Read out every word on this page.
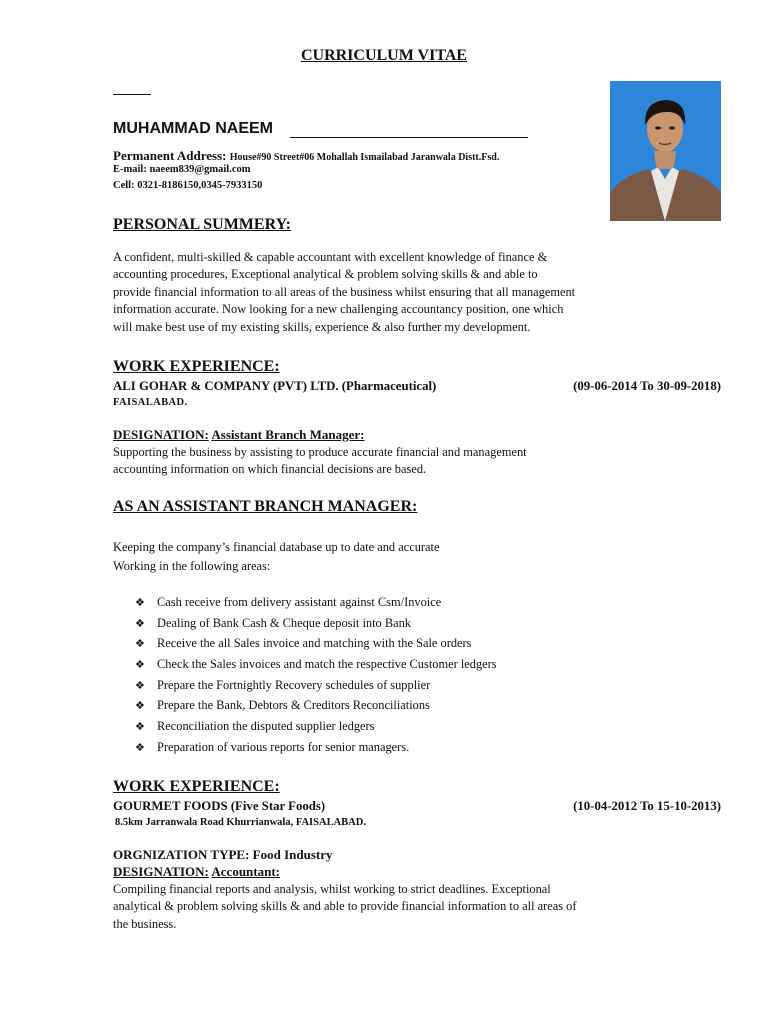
CURRICULUM VITAE
MUHAMMAD NAEEM
Permanent Address: House#90 Street#06 Mohallah Ismailabad Jaranwala Distt.Fsd.
E-mail: naeem839@gmail.com
Cell: 0321-8186150,0345-7933150
PERSONAL SUMMERY:
A confident, multi-skilled & capable accountant with excellent knowledge of finance &
accounting procedures, Exceptional analytical & problem solving skills & and able to
provide financial information to all areas of the business whilst ensuring that all management
information accurate. Now looking for a new challenging accountancy position, one which
will make best use of my existing skills, experience & also further my development.
WORK EXPERIENCE:
ALI GOHAR & COMPANY (PVT) LTD. (Pharmaceutical)	(09-06-2014 To 30-09-2018)
FAISALABAD.
DESIGNATION: Assistant Branch Manager:
Supporting the business by assisting to produce accurate financial and management
accounting information on which financial decisions are based.
AS AN ASSISTANT BRANCH MANAGER:
Keeping the company’s financial database up to date and accurate
Working in the following areas:
❖ Cash receive from delivery assistant against Csm/Invoice
❖ Dealing of Bank Cash & Cheque deposit into Bank
❖ Receive the all Sales invoice and matching with the Sale orders
❖ Check the Sales invoices and match the respective Customer ledgers
❖ Prepare the Fortnightly Recovery schedules of supplier
❖ Prepare the Bank, Debtors & Creditors Reconciliations
❖ Reconciliation the disputed supplier ledgers
❖ Preparation of various reports for senior managers.
WORK EXPERIENCE:
GOURMET FOODS (Five Star Foods)	(10-04-2012 To 15-10-2013)
8.5km Jarranwala Road Khurrianwala, FAISALABAD.
ORGNIZATION TYPE: Food Industry
DESIGNATION: Accountant:
Compiling financial reports and analysis, whilst working to strict deadlines. Exceptional
analytical & problem solving skills & and able to provide financial information to all areas of
the business.
